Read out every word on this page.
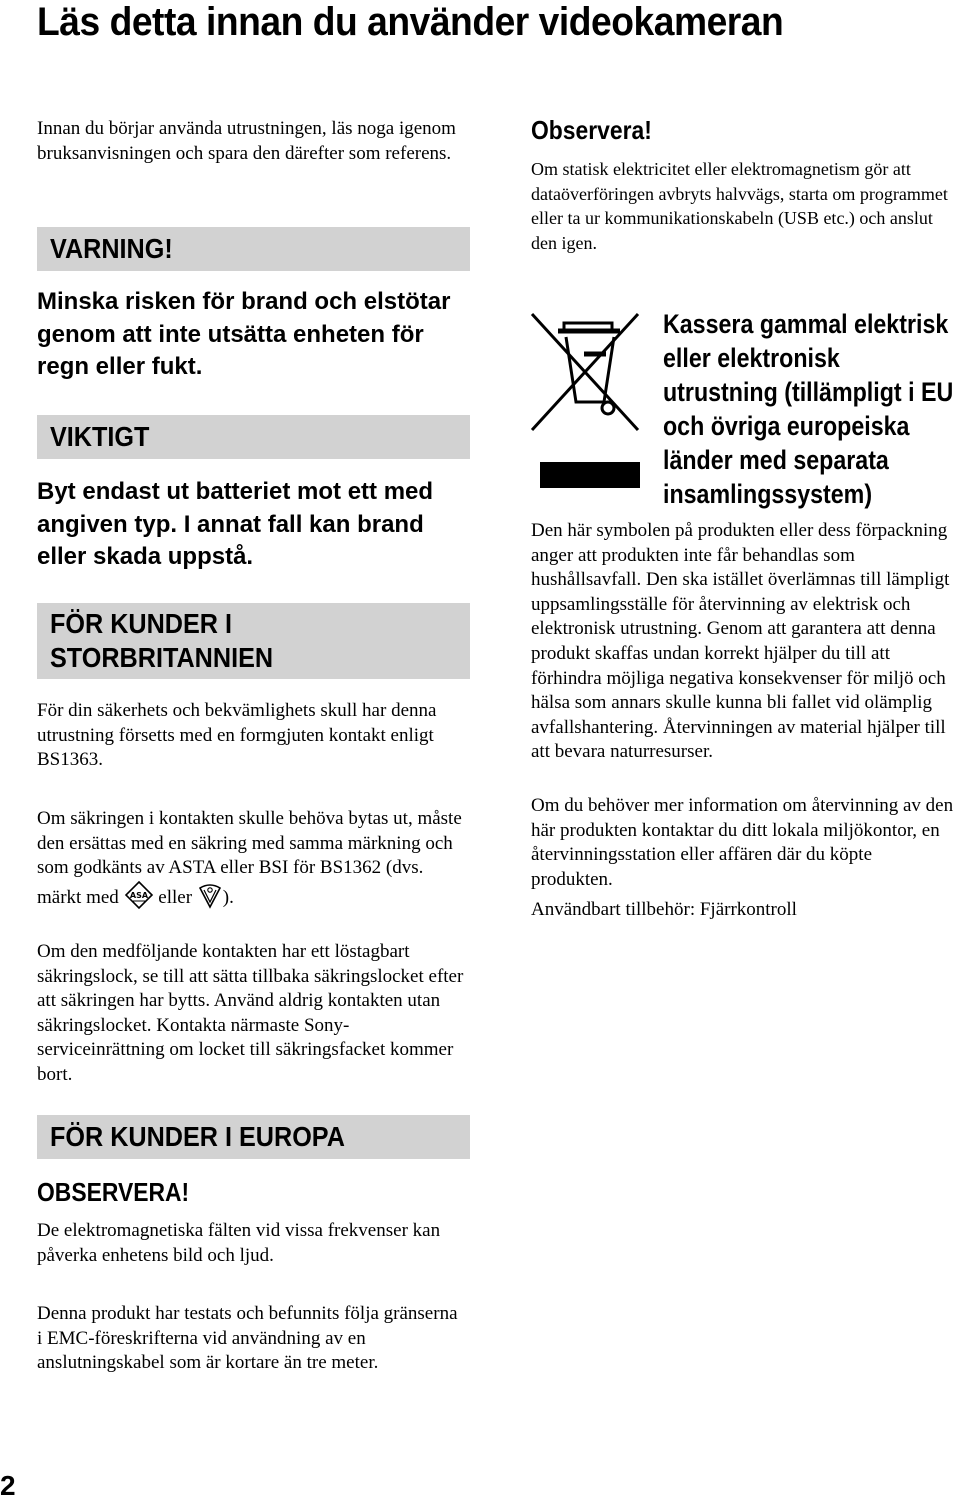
Läs detta innan du använder videokameran

Innan du börjar använda utrustningen, läs noga igenom bruksanvisningen och spara den därefter som referens.

VARNING!

Minska risken för brand och elstötar genom att inte utsätta enheten för regn eller fukt.

VIKTIGT

Byt endast ut batteriet mot ett med angiven typ. I annat fall kan brand eller skada uppstå.

FÖR KUNDER I
STORBRITANNIEN

För din säkerhets och bekvämlighets skull har denna utrustning försetts med en formgjuten kontakt enligt BS1363.

Om säkringen i kontakten skulle behöva bytas ut, måste den ersättas med en säkring med samma märkning och som godkänts av ASTA eller BSI för BS1362 (dvs. märkt med ASA eller ).

Om den medföljande kontakten har ett löstagbart säkringslock, se till att sätta tillbaka säkringslocket efter att säkringen har bytts. Använd aldrig kontakten utan säkringslocket. Kontakta närmaste Sony-serviceinrättning om locket till säkringsfacket kommer bort.

FÖR KUNDER I EUROPA

OBSERVERA!

De elektromagnetiska fälten vid vissa frekvenser kan påverka enhetens bild och ljud.

Denna produkt har testats och befunnits följa gränserna i EMC-föreskrifterna vid användning av en anslutningskabel som är kortare än tre meter.

Observera!

Om statisk elektricitet eller elektromagnetism gör att dataöverföringen avbryts halvvägs, starta om programmet eller ta ur kommunikationskabeln (USB etc.) och anslut den igen.

Kassera gammal elektrisk eller elektronisk utrustning (tillämpligt i EU och övriga europeiska länder med separata insamlingssystem)

Den här symbolen på produkten eller dess förpackning anger att produkten inte får behandlas som hushållsavfall. Den ska istället överlämnas till lämpligt uppsamlingsställe för återvinning av elektrisk och elektronisk utrustning. Genom att garantera att denna produkt skaffas undan korrekt hjälper du till att förhindra möjliga negativa konsekvenser för miljö och hälsa som annars skulle kunna bli fallet vid olämplig avfallshantering. Återvinningen av material hjälper till att bevara naturresurser.

Om du behöver mer information om återvinning av den här produkten kontaktar du ditt lokala miljökontor, en återvinningsstation eller affären där du köpte produkten.

Användbart tillbehör: Fjärrkontroll

2
